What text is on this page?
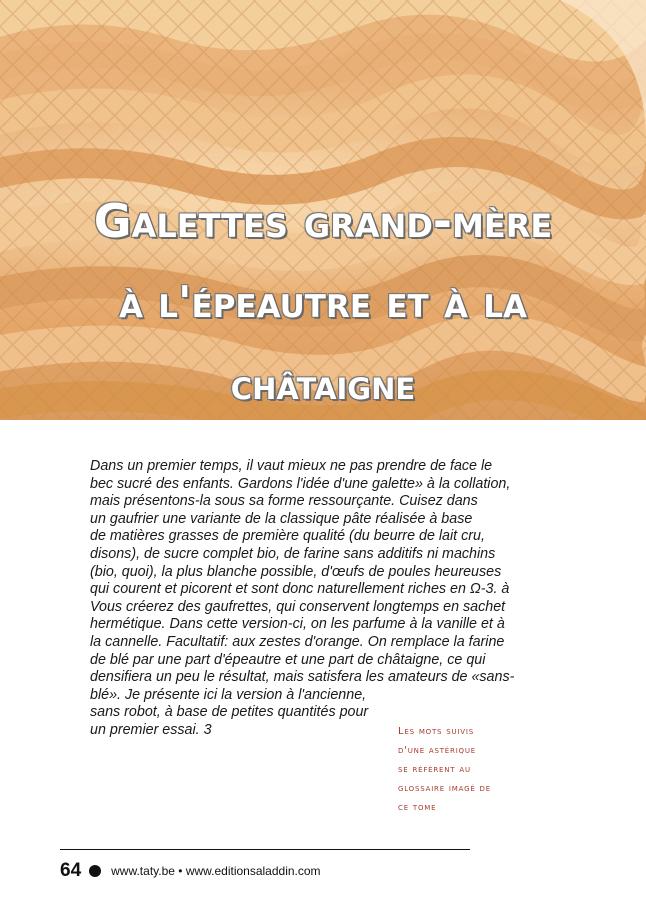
Galettes grand-mère
à l'épeautre et à la
châtaigne
Dans un premier temps, il vaut mieux ne pas prendre de face le
bec sucré des enfants. Gardons l'idée d'une galette» à la collation,
mais présentons-la sous sa forme ressourçante. Cuisez dans
un gaufrier une variante de la classique pâte réalisée à base
de matières grasses de première qualité (du beurre de lait cru,
disons), de sucre complet bio, de farine sans additifs ni machins
(bio, quoi), la plus blanche possible, d'œufs de poules heureuses
qui courent et picorent et sont donc naturellement riches en Ω-3. à
Vous créerez des gaufrettes, qui conservent longtemps en sachet
hermétique. Dans cette version-ci, on les parfume à la vanille et à
la cannelle. Facultatif: aux zestes d'orange. On remplace la farine
de blé par une part d'épeautre et une part de châtaigne, ce qui
densifiera un peu le résultat, mais satisfera les amateurs de «sans-
blé». Je présente ici la version à l'ancienne,
sans robot, à base de petites quantités pour
un premier essai. 3	Les mots suivis
d'une astérique
se réfèrent au
glossaire imagé de
ce tome
64	www.taty.be • www.editionsaladdin.com
